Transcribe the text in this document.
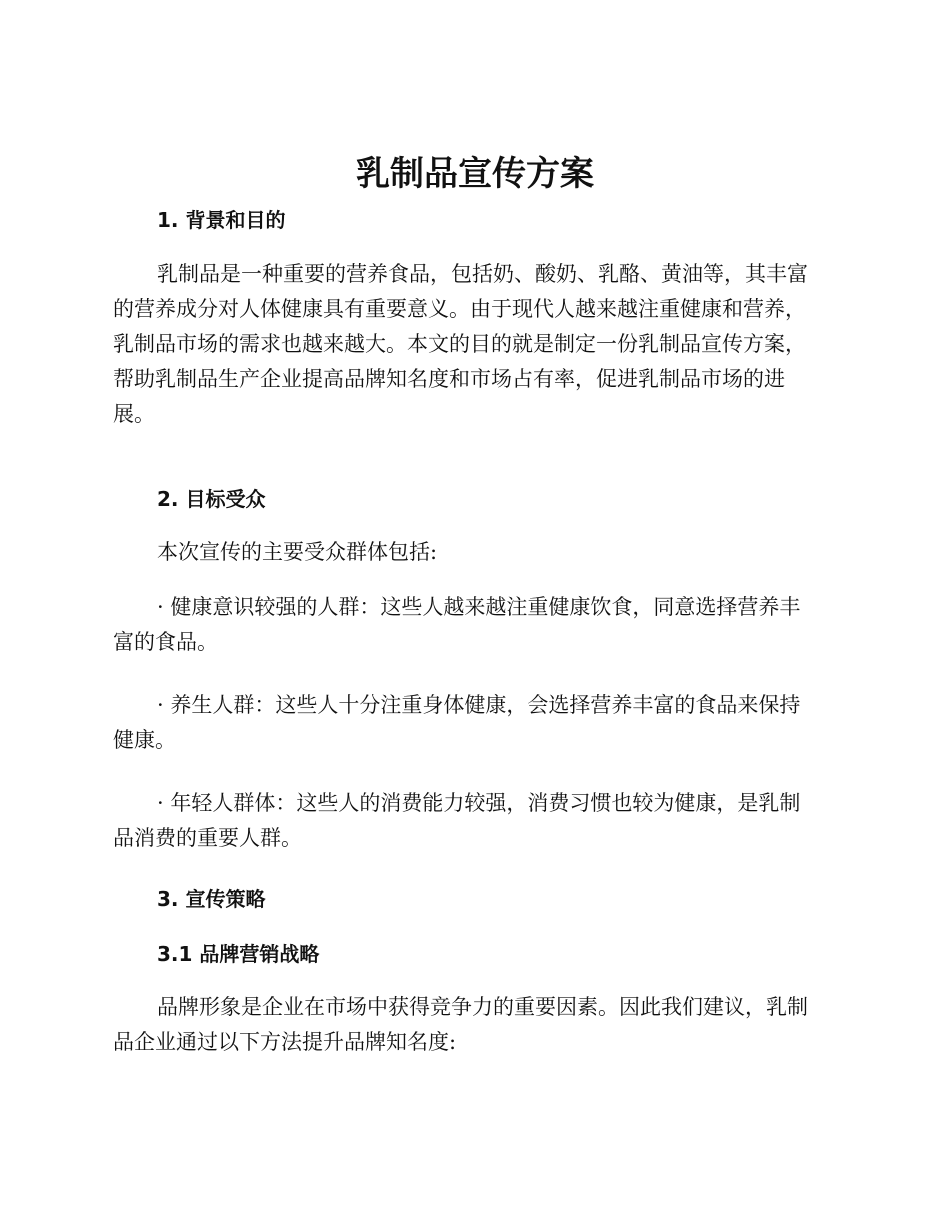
乳制品宣传方案
1. 背景和目的

乳制品是一种重要的营养食品，包括奶、酸奶、乳酪、黄油等，其丰富
的营养成分对人体健康具有重要意义。由于现代人越来越注重健康和营养，
乳制品市场的需求也越来越大。本文的目的就是制定一份乳制品宣传方案，
帮助乳制品生产企业提高品牌知名度和市场占有率，促进乳制品市场的进
展。

2. 目标受众

本次宣传的主要受众群体包括:

· 健康意识较强的人群：这些人越来越注重健康饮食，同意选择营养丰
富的食品。

· 养生人群：这些人十分注重身体健康，会选择营养丰富的食品来保持
健康。

· 年轻人群体：这些人的消费能力较强，消费习惯也较为健康，是乳制
品消费的重要人群。

3. 宣传策略
3.1 品牌营销战略

品牌形象是企业在市场中获得竞争力的重要因素。因此我们建议，乳制
品企业通过以下方法提升品牌知名度:
